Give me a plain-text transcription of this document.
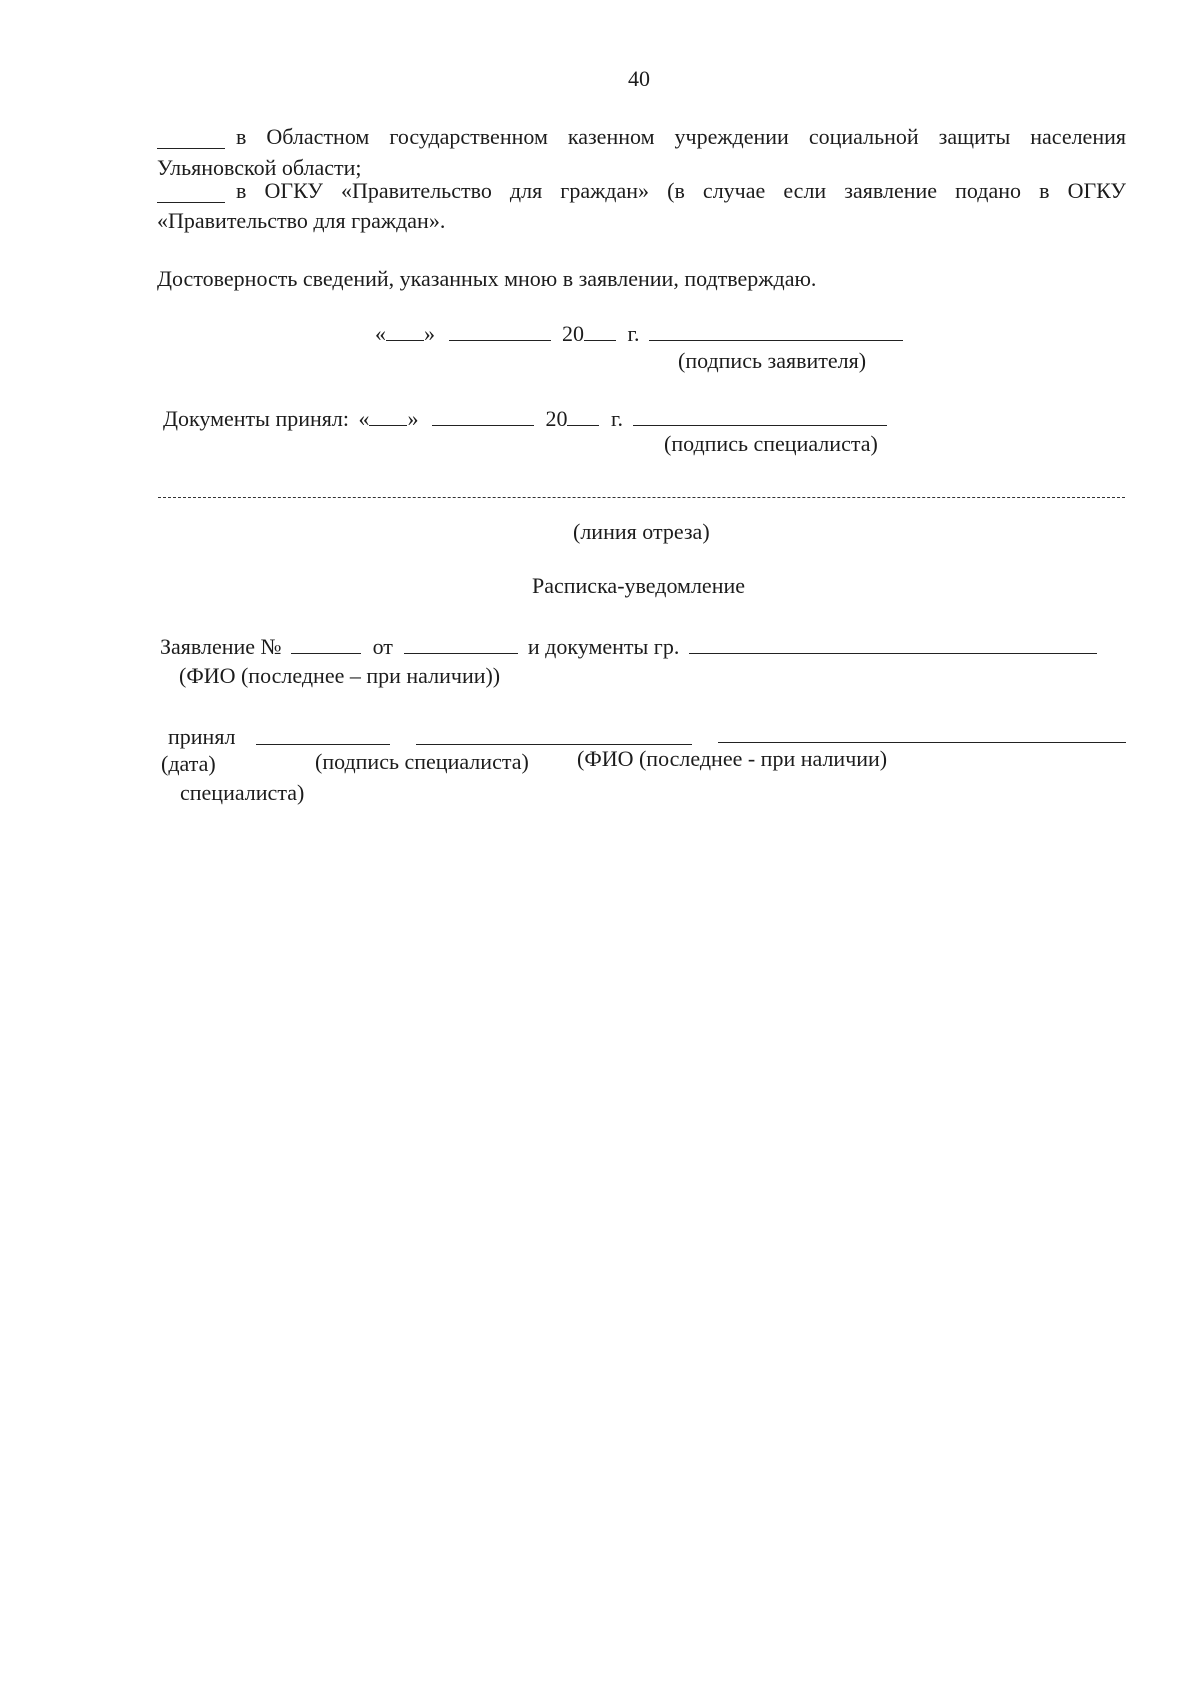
40
в Областном государственном казенном учреждении социальной защиты населения
Ульяновской области;
в ОГКУ «Правительство для граждан» (в случае если заявление подано в ОГКУ
«Правительство для граждан».
Достоверность сведений, указанных мною в заявлении, подтверждаю.
« »	20 г.
(подпись заявителя)
Документы принял: « »	20 г.
(подпись специалиста)
(линия отреза)
Расписка-уведомление
Заявление №	от	и документы гр.
(ФИО (последнее – при наличии))
принял
(дата)	(подпись специалиста) (ФИО (последнее - при наличии)
специалиста)
